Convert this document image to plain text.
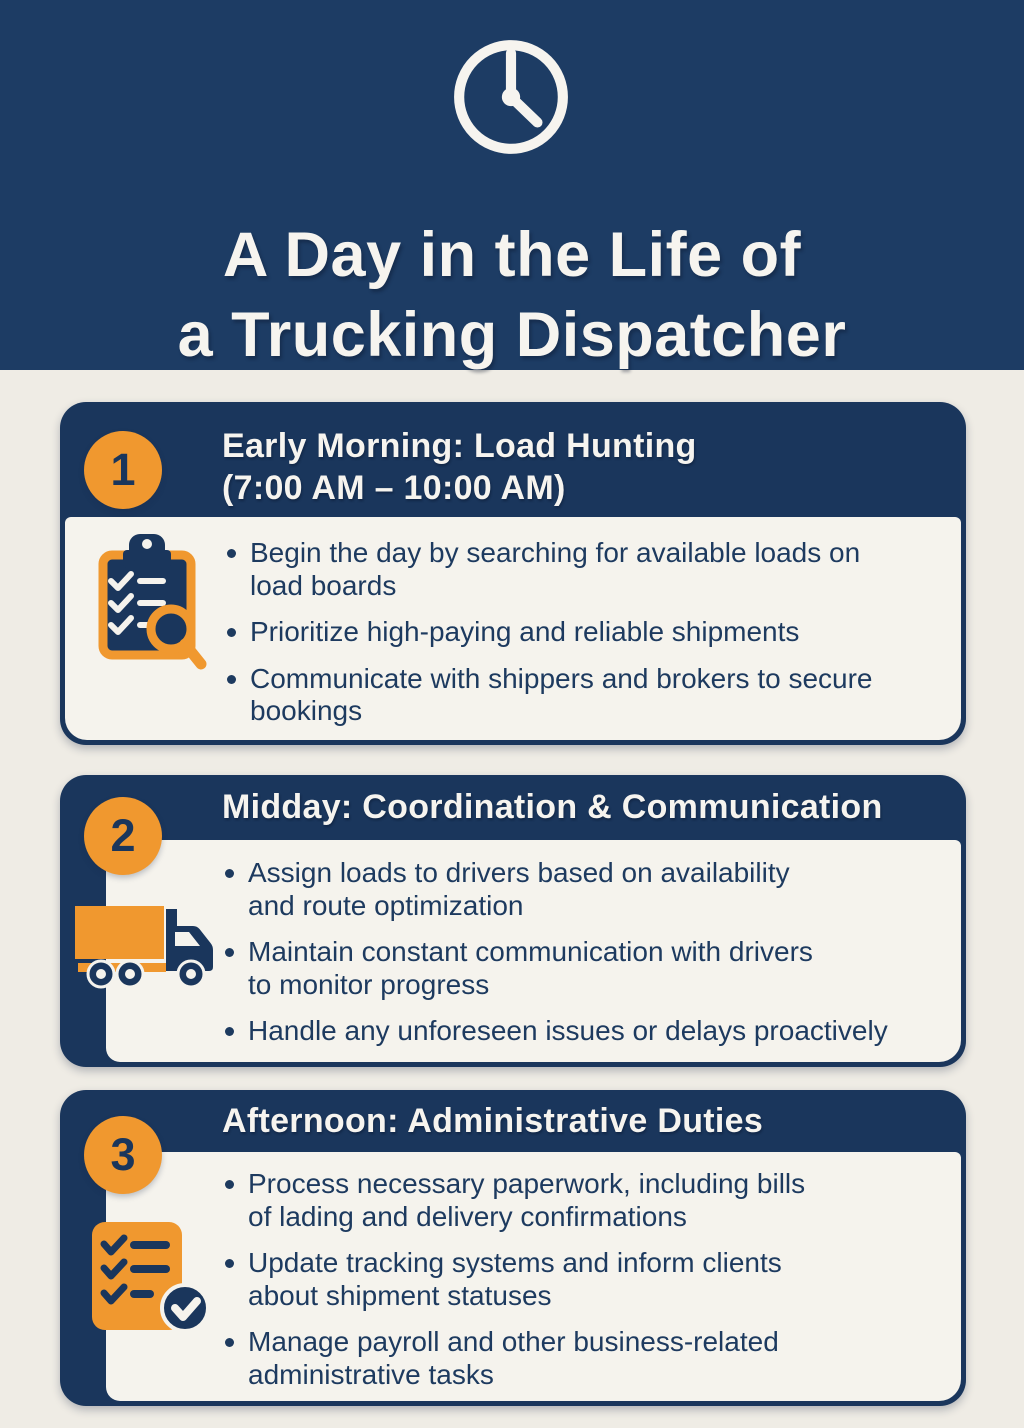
A Day in the Life of
a Trucking Dispatcher
1	Early Morning: Load Hunting
(7:00 AM – 10:00 AM)
Begin the day by searching for available loads on
load boards
Prioritize high-paying and reliable shipments
Communicate with shippers and brokers to secure
bookings
2
Midday: Coordination & Communication
Assign loads to drivers based on availability
and route optimization
Maintain constant communication with drivers
to monitor progress
Handle any unforeseen issues or delays proactively
3
Afternoon: Administrative Duties
Process necessary paperwork, including bills
of lading and delivery confirmations
Update tracking systems and inform clients
about shipment statuses
Manage payroll and other business-related
administrative tasks
